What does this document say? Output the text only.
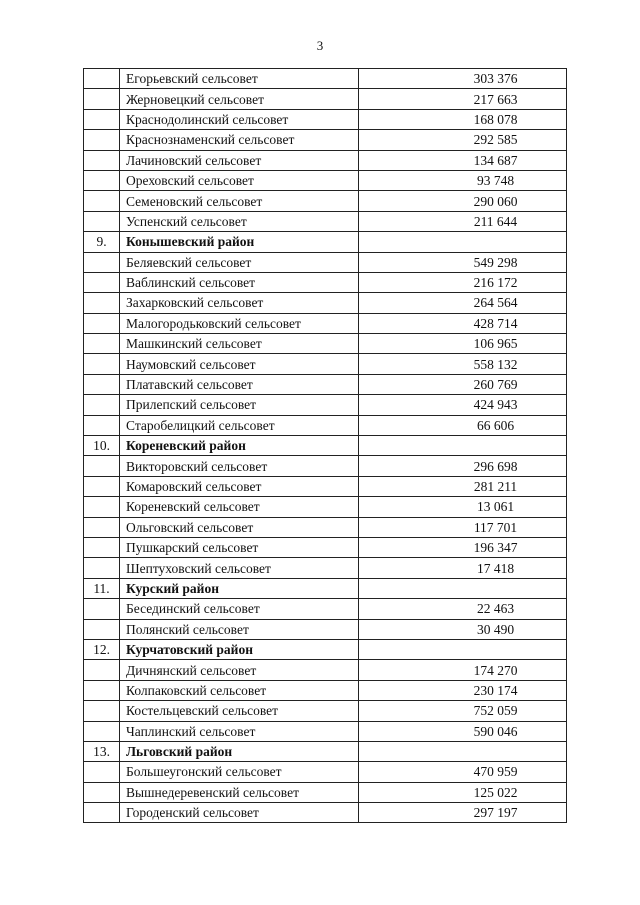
3
	Егорьевский сельсовет	303 376
	Жерновецкий сельсовет	217 663
	Краснодолинский сельсовет	168 078
	Краснознаменский сельсовет	292 585
	Лачиновский сельсовет	134 687
	Ореховский сельсовет	93 748
	Семеновский сельсовет	290 060
	Успенский сельсовет	211 644
9.	Конышевский район	
	Беляевский сельсовет	549 298
	Ваблинский сельсовет	216 172
	Захарковский сельсовет	264 564
	Малогородьковский сельсовет	428 714
	Машкинский сельсовет	106 965
	Наумовский сельсовет	558 132
	Платавский сельсовет	260 769
	Прилепский сельсовет	424 943
	Старобелицкий сельсовет	66 606
10.	Кореневский район	
	Викторовский сельсовет	296 698
	Комаровский сельсовет	281 211
	Кореневский сельсовет	13 061
	Ольговский сельсовет	117 701
	Пушкарский сельсовет	196 347
	Шептуховский сельсовет	17 418
11.	Курский район	
	Бесединский сельсовет	22 463
	Полянский сельсовет	30 490
12.	Курчатовский район	
	Дичнянский сельсовет	174 270
	Колпаковский сельсовет	230 174
	Костельцевский сельсовет	752 059
	Чаплинский сельсовет	590 046
13.	Льговский район	
	Большеугонский сельсовет	470 959
	Вышнедеревенский сельсовет	125 022
	Городенский сельсовет	297 197
